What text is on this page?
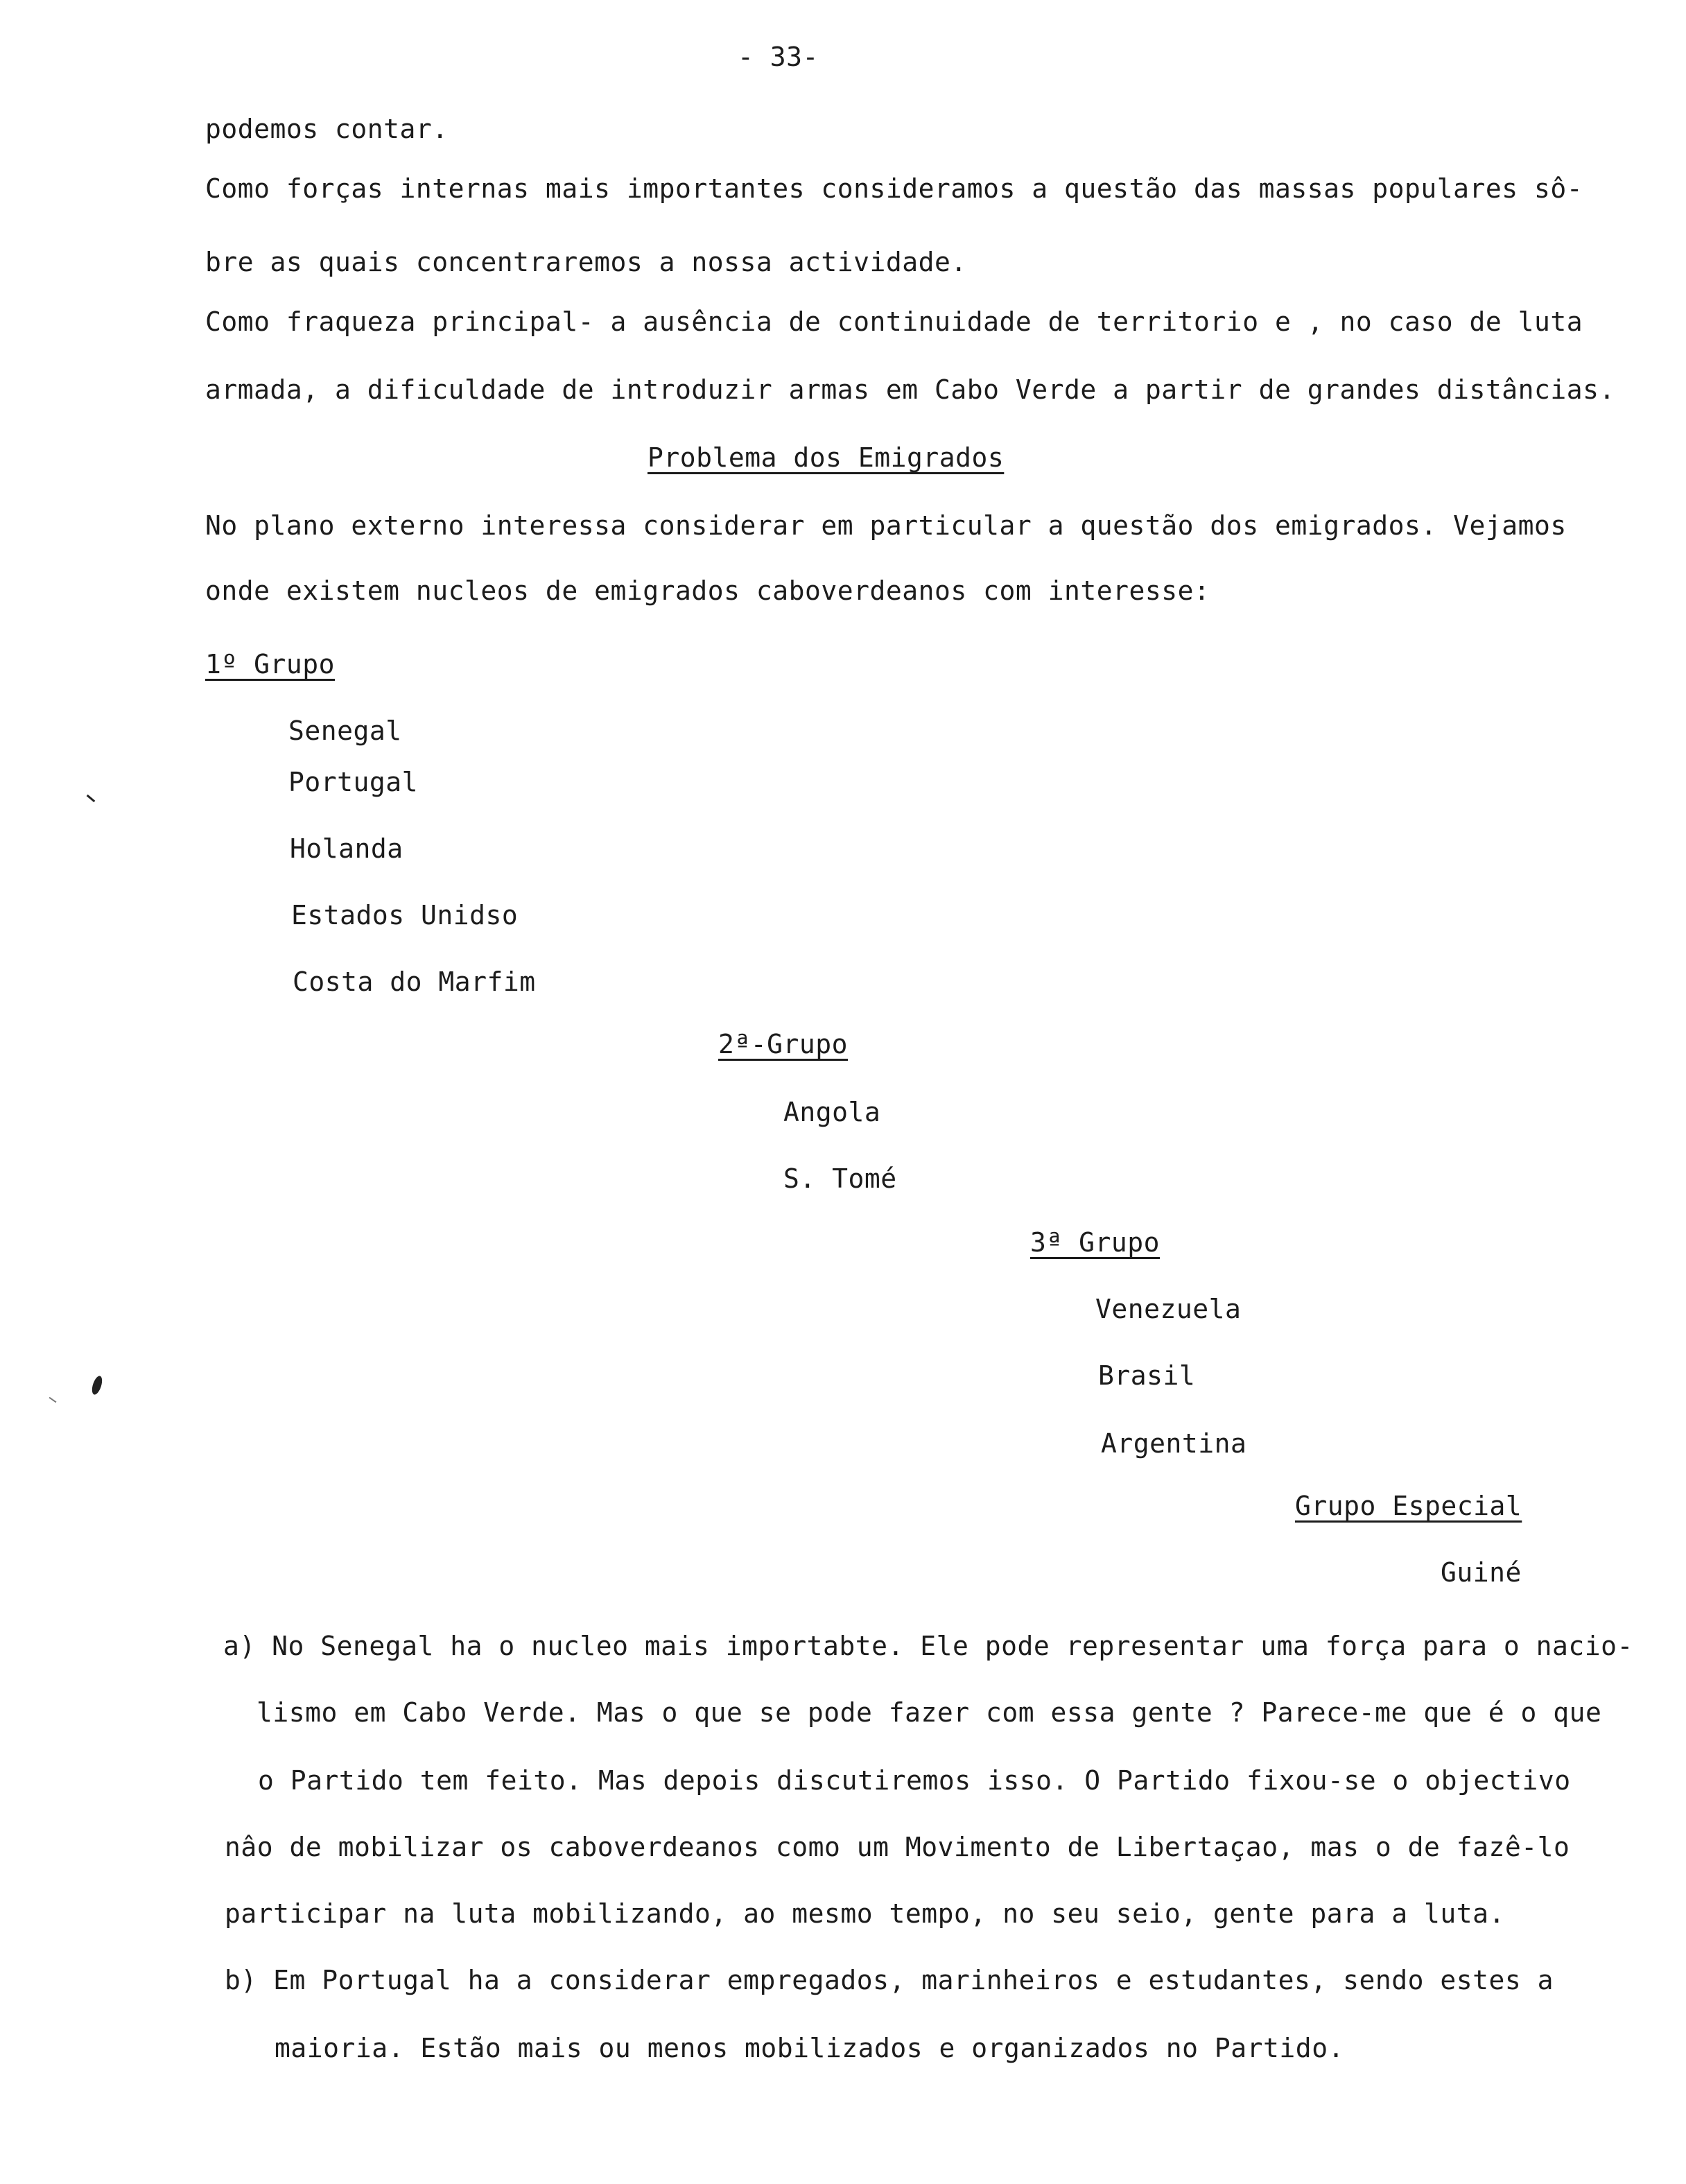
- 33-
podemos contar.
Como forças internas mais importantes consideramos a questão das massas populares sô-
bre as quais concentraremos a nossa actividade.
Como fraqueza principal- a ausência de continuidade de territorio e , no caso de luta
armada, a dificuldade de introduzir armas em Cabo Verde a partir de grandes distâncias.
Problema dos Emigrados
No plano externo interessa considerar em particular a questão dos emigrados. Vejamos
onde existem nucleos de emigrados caboverdeanos com interesse:
1º Grupo
Senegal
Portugal
Holanda
Estados Unidso
Costa do Marfim
2ª-Grupo
Angola
S. Tomé
3ª Grupo
Venezuela
Brasil
Argentina
Grupo Especial
Guiné
a) No Senegal ha o nucleo mais importabte. Ele pode representar uma força para o nacio-
lismo em Cabo Verde. Mas o que se pode fazer com essa gente ? Parece-me que é o que
o Partido tem feito. Mas depois discutiremos isso. O Partido fixou-se o objectivo
nâo de mobilizar os caboverdeanos como um Movimento de Libertaçao, mas o de fazê-lo
participar na luta mobilizando, ao mesmo tempo, no seu seio, gente para a luta.
b) Em Portugal ha a considerar empregados, marinheiros e estudantes, sendo estes a
maioria. Estão mais ou menos mobilizados e organizados no Partido.
